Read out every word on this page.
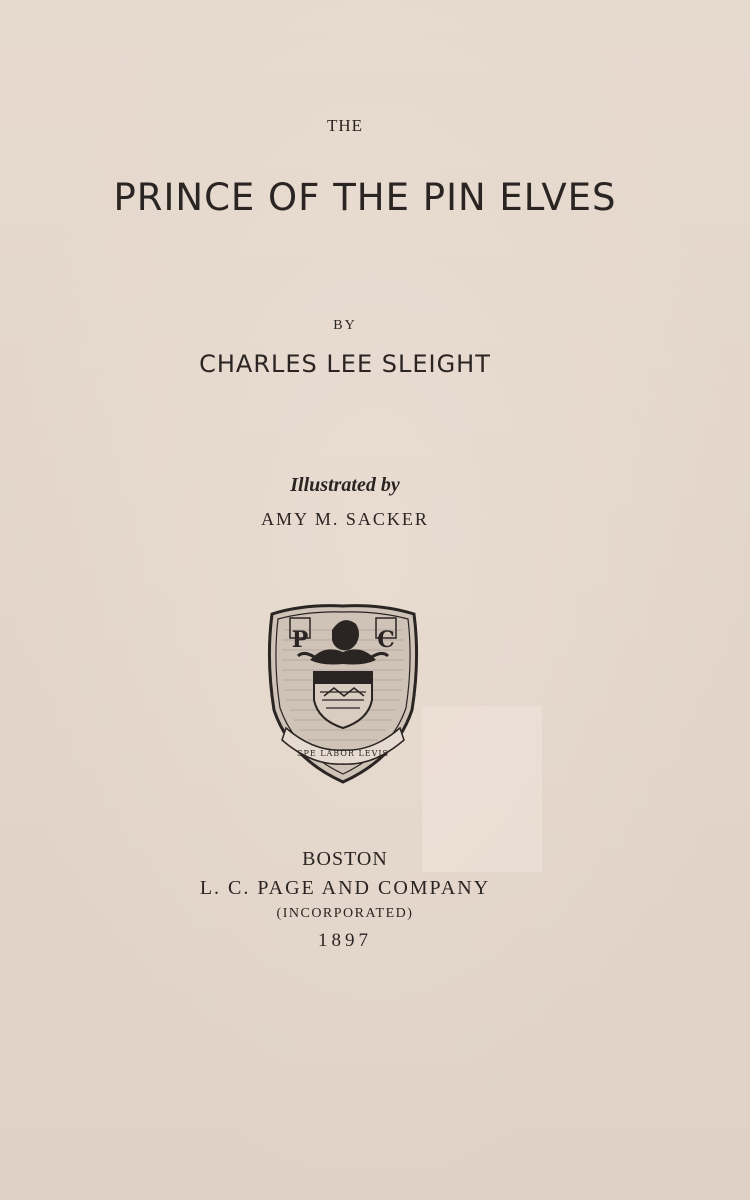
THE
PRINCE OF THE PIN ELVES
BY
CHARLES LEE SLEIGHT
Illustrated by
AMY M. SACKER
P	C
SPE LABOR LEVIS
BOSTON
L. C. PAGE AND COMPANY
(INCORPORATED)
1897
